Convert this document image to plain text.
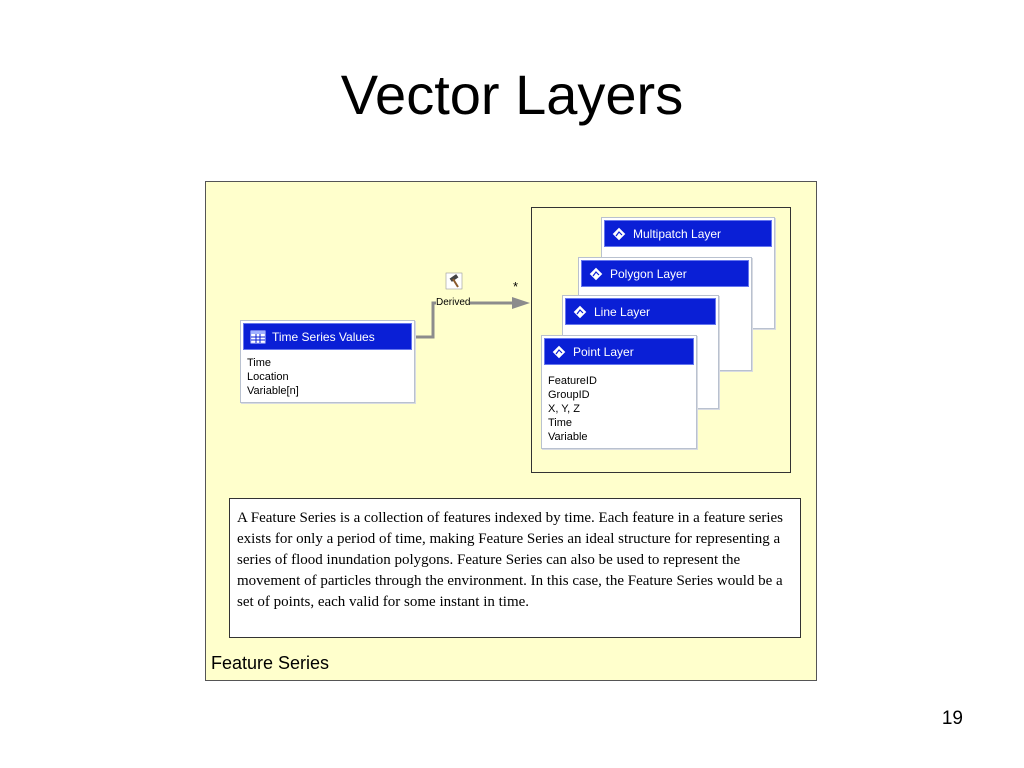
Vector Layers
Derived
*
Time Series Values
Time
Location
Variable[n]
Multipatch Layer
Polygon Layer
Line Layer
Point Layer
FeatureID
GroupID
X, Y, Z
Time
Variable
A Feature Series is a collection of features indexed by time. Each feature in a feature series exists for only a period of time, making Feature Series an ideal structure for representing a series of flood inundation polygons. Feature Series can also be used to represent the movement of particles through the environment. In this case, the Feature Series would be a set of points, each valid for some instant in time.
Feature Series
19
